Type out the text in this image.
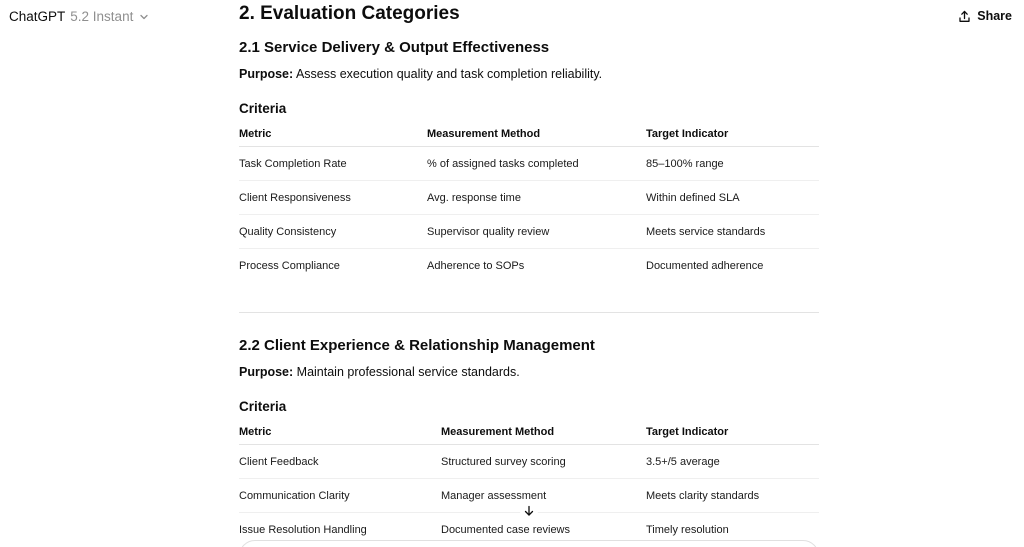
ChatGPT 5.2 Instant	Share
2. Evaluation Categories
2.1 Service Delivery & Output Effectiveness

Purpose: Assess execution quality and task completion reliability.

Criteria

Metric	Measurement Method	Target Indicator
Task Completion Rate	% of assigned tasks completed	85–100% range
Client Responsiveness	Avg. response time	Within defined SLA
Quality Consistency	Supervisor quality review	Meets service standards
Process Compliance	Adherence to SOPs	Documented adherence
2.2 Client Experience & Relationship Management

Purpose: Maintain professional service standards.

Criteria

Metric	Measurement Method	Target Indicator
Client Feedback	Structured survey scoring	3.5+/5 average
Communication Clarity	Manager assessment	Meets clarity standards
Issue Resolution Handling	Documented case reviews	Timely resolution
